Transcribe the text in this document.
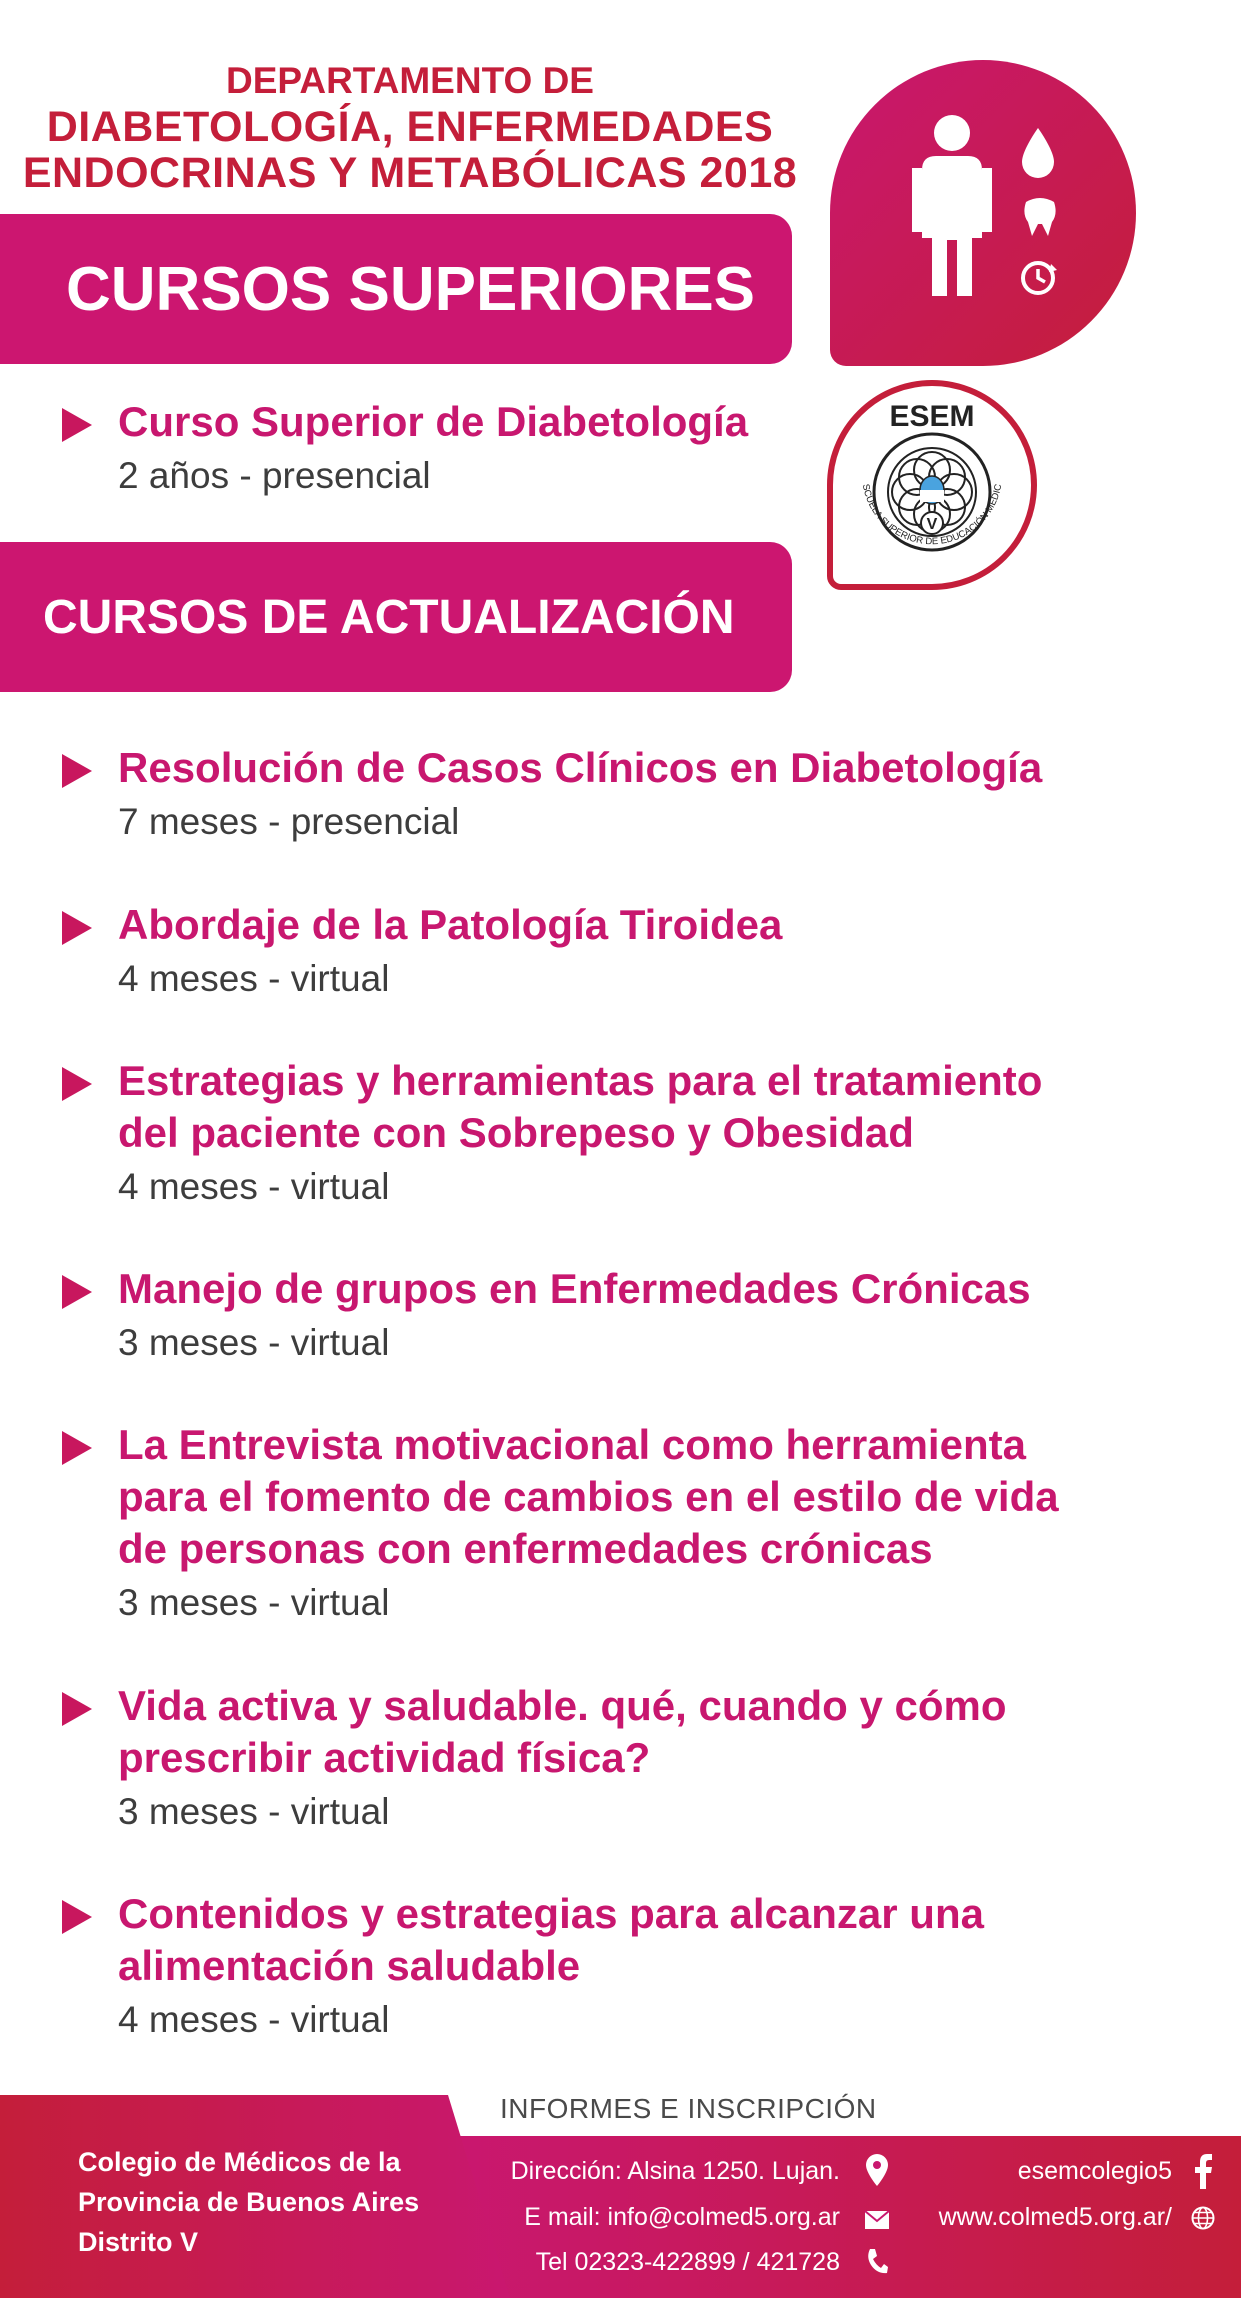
DEPARTAMENTO DE
DIABETOLOGÍA, ENFERMEDADES
ENDOCRINAS Y METABÓLICAS 2018
ESEM
V
SCUELA SUPERIOR DE EDUCACIÓN MÉDIC
CURSOS SUPERIORES
Curso Superior de Diabetología
2 años - presencial
CURSOS DE ACTUALIZACIÓN
Resolución de Casos Clínicos en Diabetología
7 meses - presencial
Abordaje de la Patología Tiroidea
4 meses - virtual
Estrategias y herramientas para el tratamiento
del paciente con Sobrepeso y Obesidad
4 meses - virtual
Manejo de grupos en Enfermedades Crónicas
3 meses - virtual
La Entrevista motivacional como herramienta
para el fomento de cambios en el estilo de vida
de personas con enfermedades crónicas
3 meses - virtual
Vida activa y saludable. qué, cuando y cómo
prescribir actividad física?
3 meses - virtual
Contenidos y estrategias para alcanzar una
alimentación saludable
4 meses - virtual
Colegio de Médicos de la
Provincia de Buenos Aires
Distrito V
INFORMES E INSCRIPCIÓN
Dirección: Alsina 1250. Lujan.
E mail: info@colmed5.org.ar
Tel 02323-422899 / 421728
esemcolegio5
www.colmed5.org.ar/
